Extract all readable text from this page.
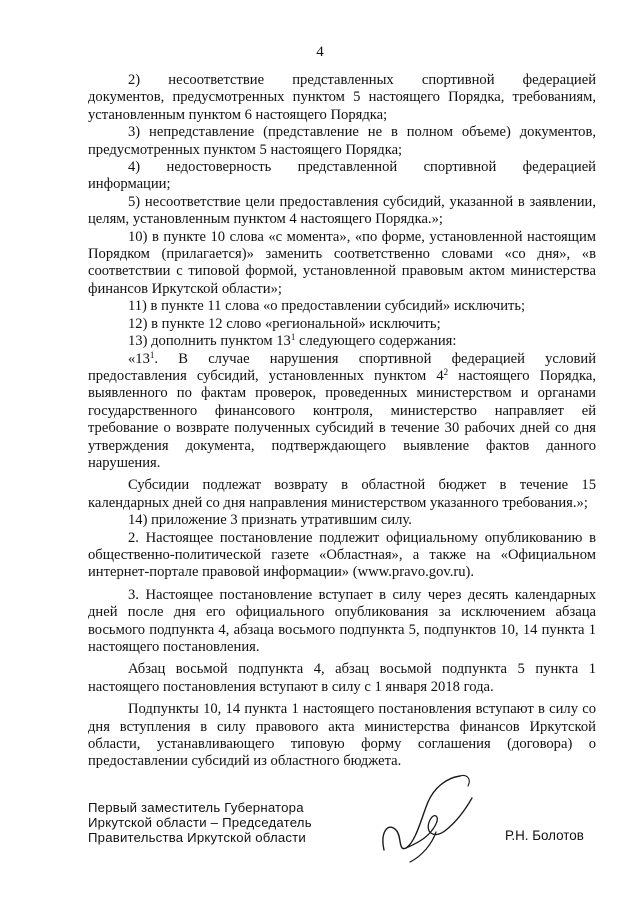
4

2)    несоответствие    представленных    спортивной    федерацией документов, предусмотренных пунктом 5 настоящего Порядка, требованиям, установленным пунктом 6 настоящего Порядка;

3) непредставление (представление не в полном объеме) документов, предусмотренных пунктом 5 настоящего Порядка;

4)    недостоверность    представленной    спортивной    федерацией информации;

5) несоответствие цели предоставления субсидий, указанной в заявлении, целям, установленным пунктом 4 настоящего Порядка.»;

10) в пункте 10 слова «с момента», «по форме, установленной настоящим Порядком (прилагается)» заменить соответственно словами «со дня», «в соответствии с типовой формой, установленной правовым актом министерства финансов Иркутской области»;

11) в пункте 11 слова «о предоставлении субсидий» исключить;

12) в пункте 12 слово «региональной» исключить;

13) дополнить пунктом $13^1$ следующего содержания:

«$13^1$. В случае нарушения спортивной федерацией условий предоставления субсидий, установленных пунктом $4^2$ настоящего Порядка, выявленного по фактам проверок, проведенных министерством и органами государственного финансового контроля, министерство направляет ей требование о возврате полученных субсидий в течение 30 рабочих дней со дня утверждения документа, подтверждающего выявление фактов данного нарушения.

Субсидии подлежат возврату в областной бюджет в течение 15 календарных дней со дня направления министерством указанного требования.»;

14) приложение 3 признать утратившим силу.

2. Настоящее постановление подлежит официальному опубликованию в общественно-политической газете «Областная», а также на «Официальном интернет-портале правовой информации» (www.pravo.gov.ru).

3. Настоящее постановление вступает в силу через десять календарных дней после дня его официального опубликования за исключением абзаца восьмого подпункта 4, абзаца восьмого подпункта 5, подпунктов 10, 14 пункта 1 настоящего постановления.

Абзац восьмой подпункта 4, абзац восьмой подпункта 5 пункта 1 настоящего постановления вступают в силу с 1 января 2018 года.

Подпункты 10, 14 пункта 1 настоящего постановления вступают в силу со дня вступления в силу правового акта министерства финансов Иркутской области, устанавливающего типовую форму соглашения (договора) о предоставлении субсидий из областного бюджета.

Первый заместитель Губернатора
Иркутской области – Председатель
Правительства Иркутской области	Р.Н. Болотов
